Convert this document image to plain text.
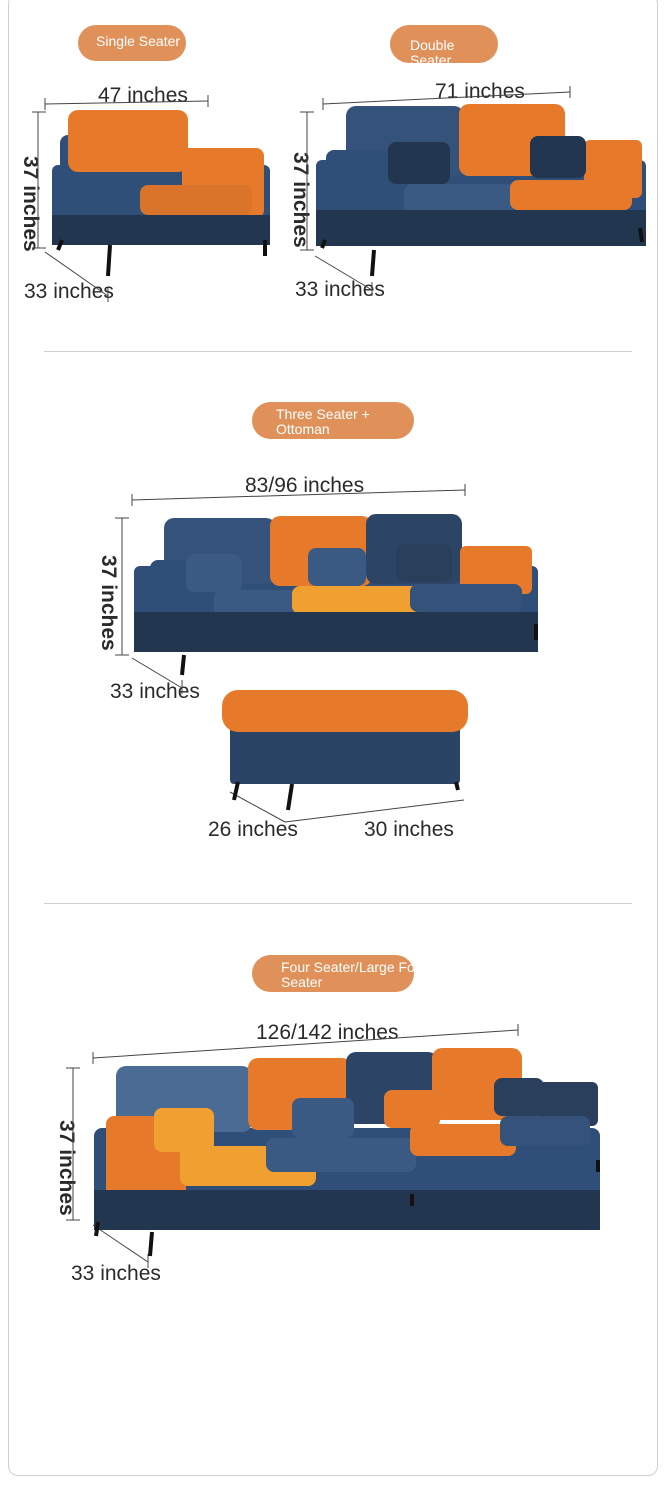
Single Seater
47 inches
37 inches
33 inches
Double Seater
71 inches
37 inches
33 inches
Three Seater +
Ottoman
83/96 inches
37 inches
33 inches
26 inches	30 inches
Four Seater/Large Four
Seater
126/142 inches
37 inches
33 inches
